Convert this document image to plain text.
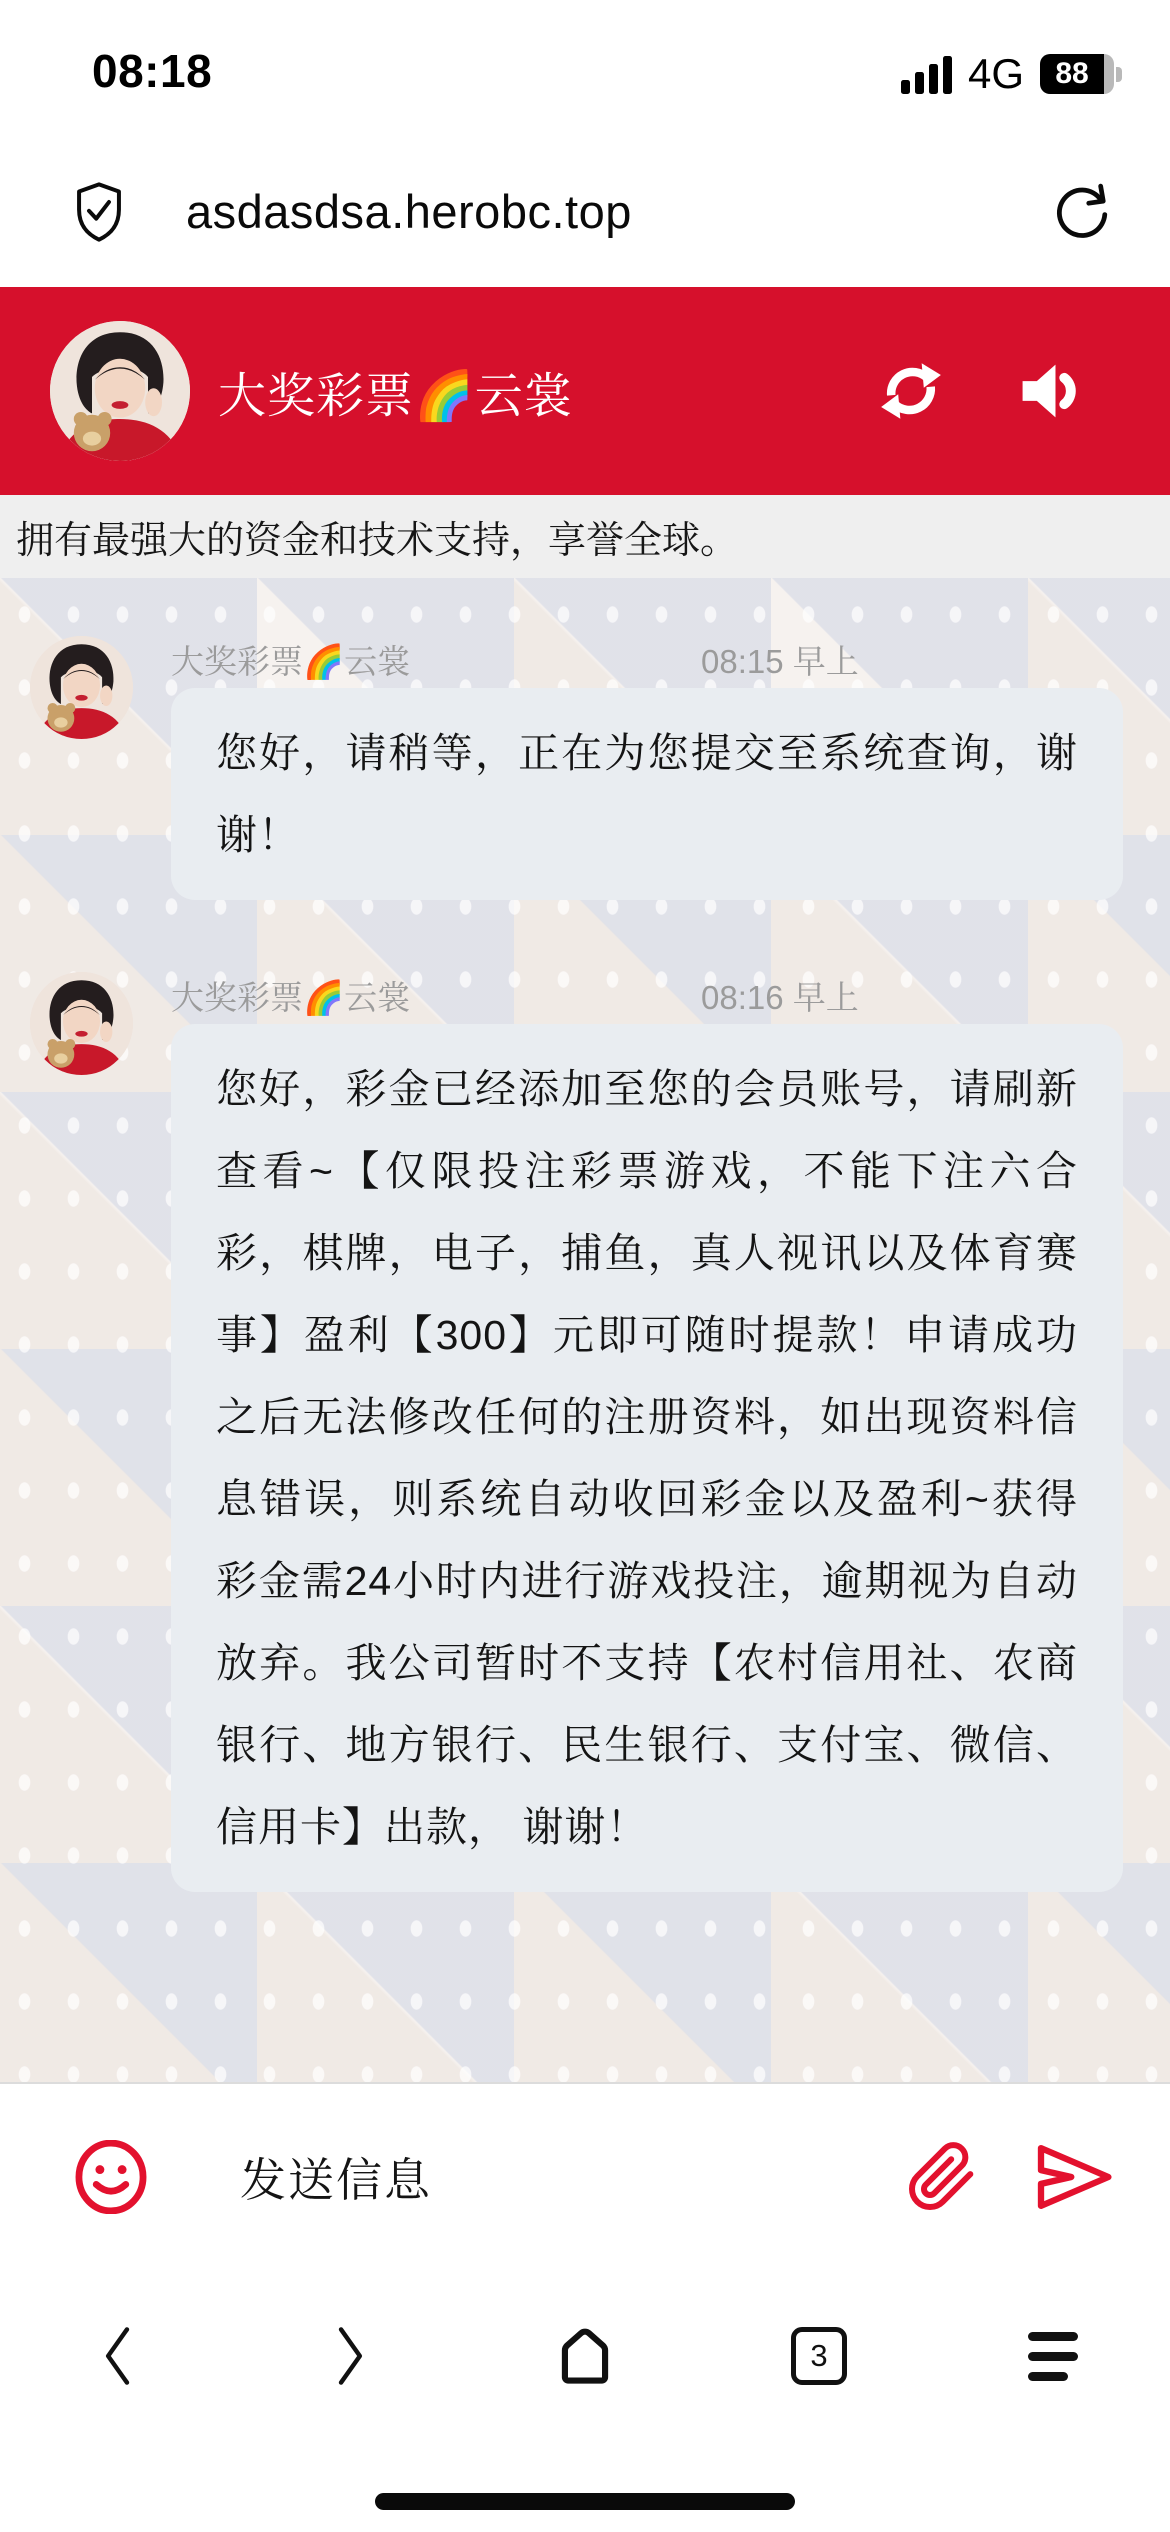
08:18	4G	88
asdasdsa.herobc.top
大奖彩票🌈云裳
拥有最强大的资金和技术支持，享誉全球。
大奖彩票🌈云裳	08:15 早上
您好，请稍等，正在为您提交至系统查询，谢谢！
大奖彩票🌈云裳	08:16 早上
您好，彩金已经添加至您的会员账号，请刷新查看~【仅限投注彩票游戏，不能下注六合彩，棋牌，电子，捕鱼，真人视讯以及体育赛事】盈利【300】元即可随时提款！申请成功之后无法修改任何的注册资料，如出现资料信息错误，则系统自动收回彩金以及盈利~获得彩金需24小时内进行游戏投注，逾期视为自动放弃。我公司暂时不支持【农村信用社、农商银行、地方银行、民生银行、支付宝、微信、信用卡】出款， 谢谢！
发送信息
3
